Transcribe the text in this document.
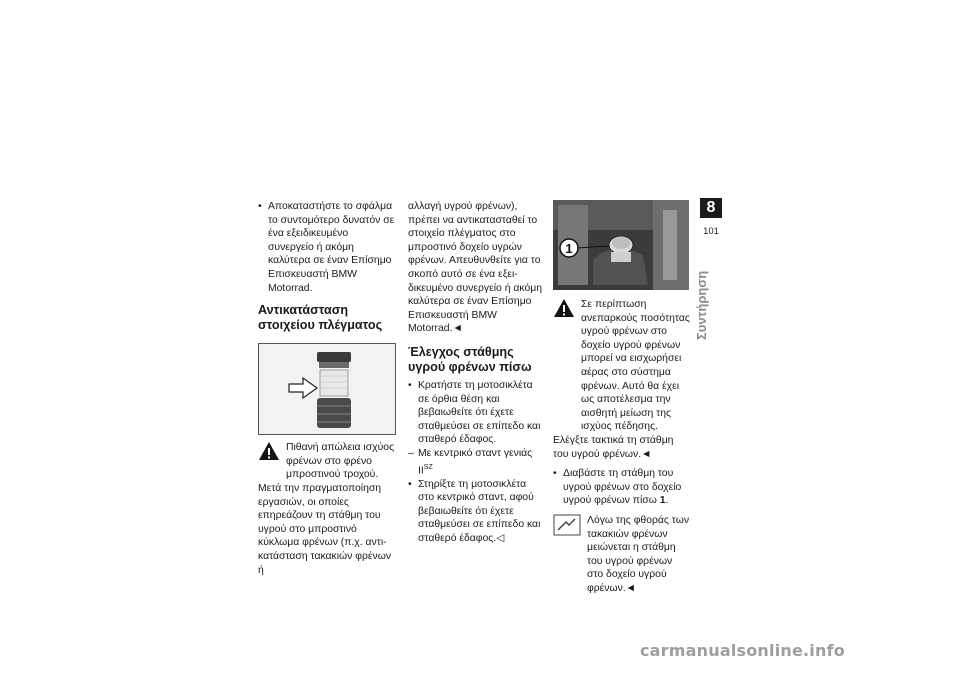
• Αποκαταστήστε το σφάλμα το συντομότερο δυνατόν σε ένα εξειδικευμένο συνεργείο ή ακόμη καλύτερα σε έναν Επίσημο Επισκευαστή BMW Motorrad.

Αντικατάσταση στοιχείου πλέγματος

Πιθανή απώλεια ισχύος φρένων στο φρένο μπροστινού τροχού.

Μετά την πραγματοποίηση εργασιών, οι οποίες επηρεάζουν τη στάθμη του υγρού στο μπροστινό κύκλωμα φρένων (π.χ. αντικατάσταση τακακιών φρένων ή

αλλαγή υγρού φρένων), πρέπει να αντικατασταθεί το στοιχείο πλέγματος στο μπροστινό δοχείο υγρών φρένων. Απευθυνθείτε για το σκοπό αυτό σε ένα εξειδικευμένο συνεργείο ή ακόμη καλύτερα σε έναν Επίσημο Επισκευαστή BMW Motorrad.◄

Έλεγχος στάθμης υγρού φρένων πίσω

• Κρατήστε τη μοτοσικλέτα σε όρθια θέση και βεβαιωθείτε ότι έχετε σταθμεύσει σε επίπεδο και σταθερό έδαφος.

– Με κεντρικό σταντ γενιάς $II^{SZ}$

• Στηρίξτε τη μοτοσικλέτα στο κεντρικό σταντ, αφού βεβαιωθείτε ότι έχετε σταθμεύσει σε επίπεδο και σταθερό έδαφος.◁

1

Σε περίπτωση ανεπαρκούς ποσότητας υγρού φρένων στο δοχείο υγρού φρένων μπορεί να εισχωρήσει αέρας στο σύστημα φρένων. Αυτό θα έχει ως αποτέλεσμα την αισθητή μείωση της ισχύος πέδησης.

Ελέγξτε τακτικά τη στάθμη του υγρού φρένων.◄

• Διαβάστε τη στάθμη του υγρού φρένων στο δοχείο υγρού φρένων πίσω 1.

Λόγω της φθοράς των τακακιών φρένων μειώνεται η στάθμη του υγρού φρένων στο δοχείο υγρού φρένων.◄

8
101
Συντήρηση
carmanualsonline.info
